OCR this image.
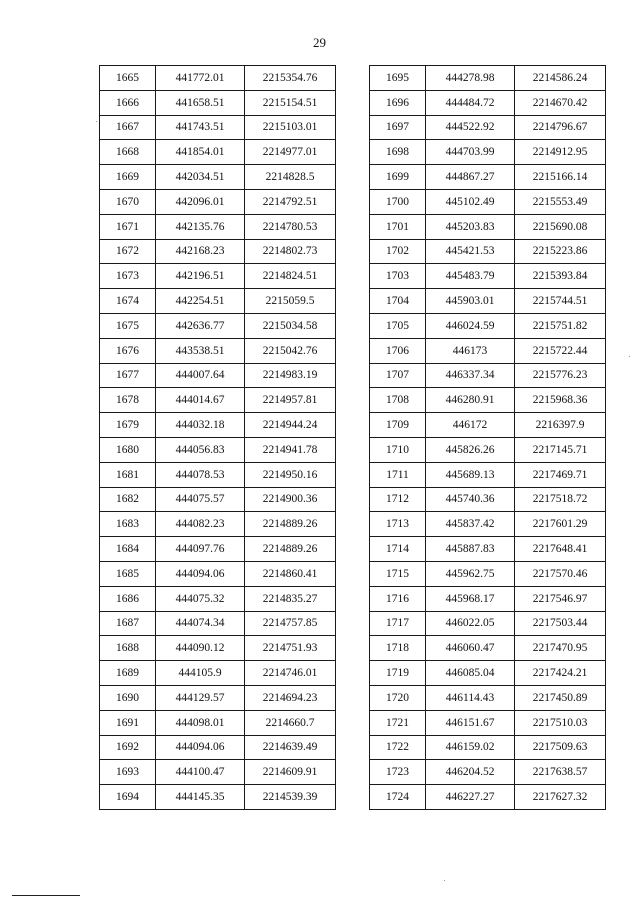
29
1665	441772.01	2215354.76
1666	441658.51	2215154.51
1667	441743.51	2215103.01
1668	441854.01	2214977.01
1669	442034.51	2214828.5
1670	442096.01	2214792.51
1671	442135.76	2214780.53
1672	442168.23	2214802.73
1673	442196.51	2214824.51
1674	442254.51	2215059.5
1675	442636.77	2215034.58
1676	443538.51	2215042.76
1677	444007.64	2214983.19
1678	444014.67	2214957.81
1679	444032.18	2214944.24
1680	444056.83	2214941.78
1681	444078.53	2214950.16
1682	444075.57	2214900.36
1683	444082.23	2214889.26
1684	444097.76	2214889.26
1685	444094.06	2214860.41
1686	444075.32	2214835.27
1687	444074.34	2214757.85
1688	444090.12	2214751.93
1689	444105.9	2214746.01
1690	444129.57	2214694.23
1691	444098.01	2214660.7
1692	444094.06	2214639.49
1693	444100.47	2214609.91
1694	444145.35	2214539.39
1695	444278.98	2214586.24
1696	444484.72	2214670.42
1697	444522.92	2214796.67
1698	444703.99	2214912.95
1699	444867.27	2215166.14
1700	445102.49	2215553.49
1701	445203.83	2215690.08
1702	445421.53	2215223.86
1703	445483.79	2215393.84
1704	445903.01	2215744.51
1705	446024.59	2215751.82
1706	446173	2215722.44
1707	446337.34	2215776.23
1708	446280.91	2215968.36
1709	446172	2216397.9
1710	445826.26	2217145.71
1711	445689.13	2217469.71
1712	445740.36	2217518.72
1713	445837.42	2217601.29
1714	445887.83	2217648.41
1715	445962.75	2217570.46
1716	445968.17	2217546.97
1717	446022.05	2217503.44
1718	446060.47	2217470.95
1719	446085.04	2217424.21
1720	446114.43	2217450.89
1721	446151.67	2217510.03
1722	446159.02	2217509.63
1723	446204.52	2217638.57
1724	446227.27	2217627.32
